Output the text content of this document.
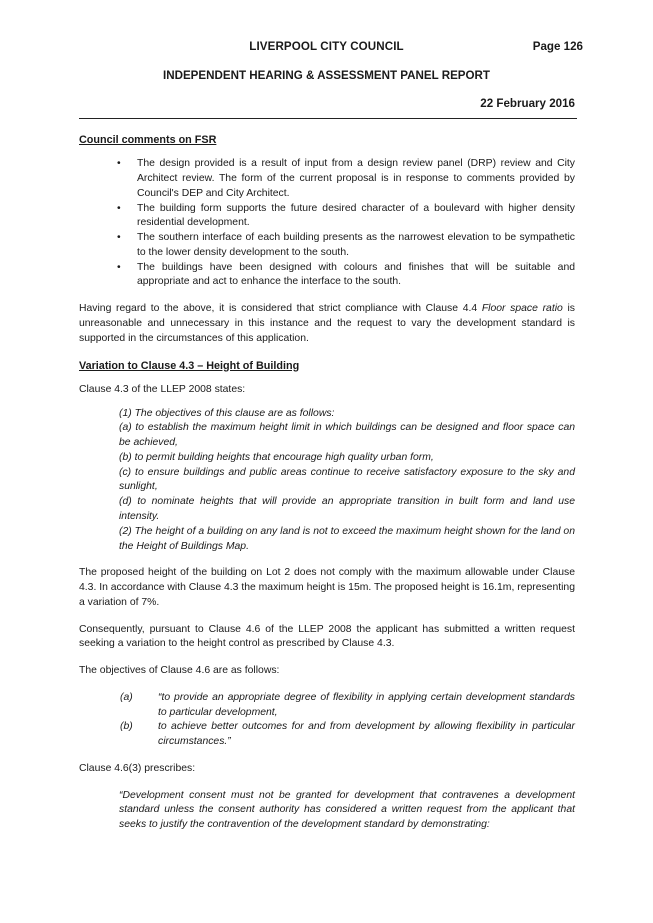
LIVERPOOL CITY COUNCIL	Page 126
INDEPENDENT HEARING & ASSESSMENT PANEL REPORT
22 February 2016

Council comments on FSR

• The design provided is a result of input from a design review panel (DRP) review and City Architect review. The form of the current proposal is in response to comments provided by Council's DEP and City Architect.
• The building form supports the future desired character of a boulevard with higher density residential development.
• The southern interface of each building presents as the narrowest elevation to be sympathetic to the lower density development to the south.
• The buildings have been designed with colours and finishes that will be suitable and appropriate and act to enhance the interface to the south.

Having regard to the above, it is considered that strict compliance with Clause 4.4 Floor space ratio is unreasonable and unnecessary in this instance and the request to vary the development standard is supported in the circumstances of this application.

Variation to Clause 4.3 – Height of Building

Clause 4.3 of the LLEP 2008 states:

(1) The objectives of this clause are as follows:

(a) to establish the maximum height limit in which buildings can be designed and floor space can be achieved,

(b) to permit building heights that encourage high quality urban form,

(c) to ensure buildings and public areas continue to receive satisfactory exposure to the sky and sunlight,

(d) to nominate heights that will provide an appropriate transition in built form and land use intensity.

(2) The height of a building on any land is not to exceed the maximum height shown for the land on the Height of Buildings Map.

The proposed height of the building on Lot 2 does not comply with the maximum allowable under Clause 4.3. In accordance with Clause 4.3 the maximum height is 15m. The proposed height is 16.1m, representing a variation of 7%.

Consequently, pursuant to Clause 4.6 of the LLEP 2008 the applicant has submitted a written request seeking a variation to the height control as prescribed by Clause 4.3.

The objectives of Clause 4.6 are as follows:

(a)	“to provide an appropriate degree of flexibility in applying certain development standards to particular development,
(b)	to achieve better outcomes for and from development by allowing flexibility in particular circumstances.”

Clause 4.6(3) prescribes:

“Development consent must not be granted for development that contravenes a development standard unless the consent authority has considered a written request from the applicant that seeks to justify the contravention of the development standard by demonstrating:
